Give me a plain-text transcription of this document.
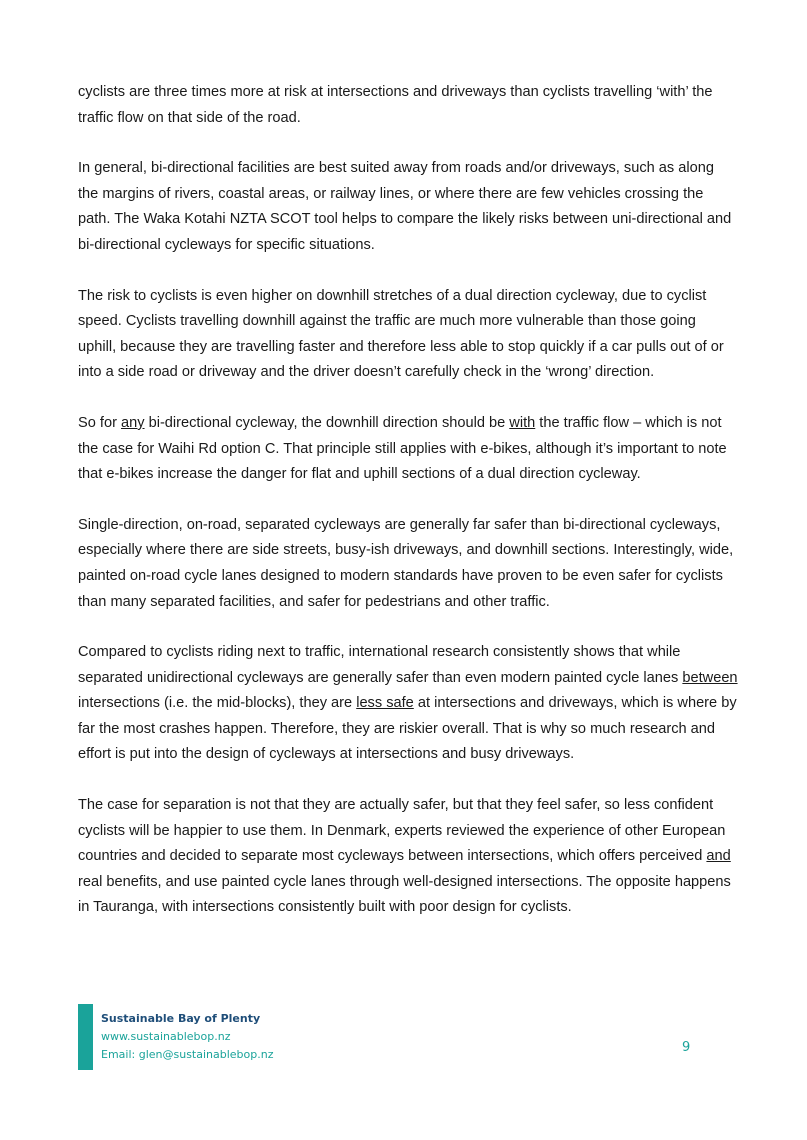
cyclists are three times more at risk at intersections and driveways than cyclists travelling ‘with’ the traffic flow on that side of the road.

In general, bi-directional facilities are best suited away from roads and/or driveways, such as along the margins of rivers, coastal areas, or railway lines, or where there are few vehicles crossing the path. The Waka Kotahi NZTA SCOT tool helps to compare the likely risks between uni-directional and bi-directional cycleways for specific situations.

The risk to cyclists is even higher on downhill stretches of a dual direction cycleway, due to cyclist speed. Cyclists travelling downhill against the traffic are much more vulnerable than those going uphill, because they are travelling faster and therefore less able to stop quickly if a car pulls out of or into a side road or driveway and the driver doesn’t carefully check in the ‘wrong’ direction.

So for any bi-directional cycleway, the downhill direction should be with the traffic flow – which is not the case for Waihi Rd option C. That principle still applies with e-bikes, although it’s important to note that e-bikes increase the danger for flat and uphill sections of a dual direction cycleway.

Single-direction, on-road, separated cycleways are generally far safer than bi-directional cycleways, especially where there are side streets, busy-ish driveways, and downhill sections. Interestingly, wide, painted on-road cycle lanes designed to modern standards have proven to be even safer for cyclists than many separated facilities, and safer for pedestrians and other traffic.

Compared to cyclists riding next to traffic, international research consistently shows that while separated unidirectional cycleways are generally safer than even modern painted cycle lanes between intersections (i.e. the mid-blocks), they are less safe at intersections and driveways, which is where by far the most crashes happen. Therefore, they are riskier overall. That is why so much research and effort is put into the design of cycleways at intersections and busy driveways.

The case for separation is not that they are actually safer, but that they feel safer, so less confident cyclists will be happier to use them. In Denmark, experts reviewed the experience of other European countries and decided to separate most cycleways between intersections, which offers perceived and real benefits, and use painted cycle lanes through well-designed intersections. The opposite happens in Tauranga, with intersections consistently built with poor design for cyclists.

Sustainable Bay of Plenty
www.sustainablebop.nz
Email: glen@sustainablebop.nz	9
